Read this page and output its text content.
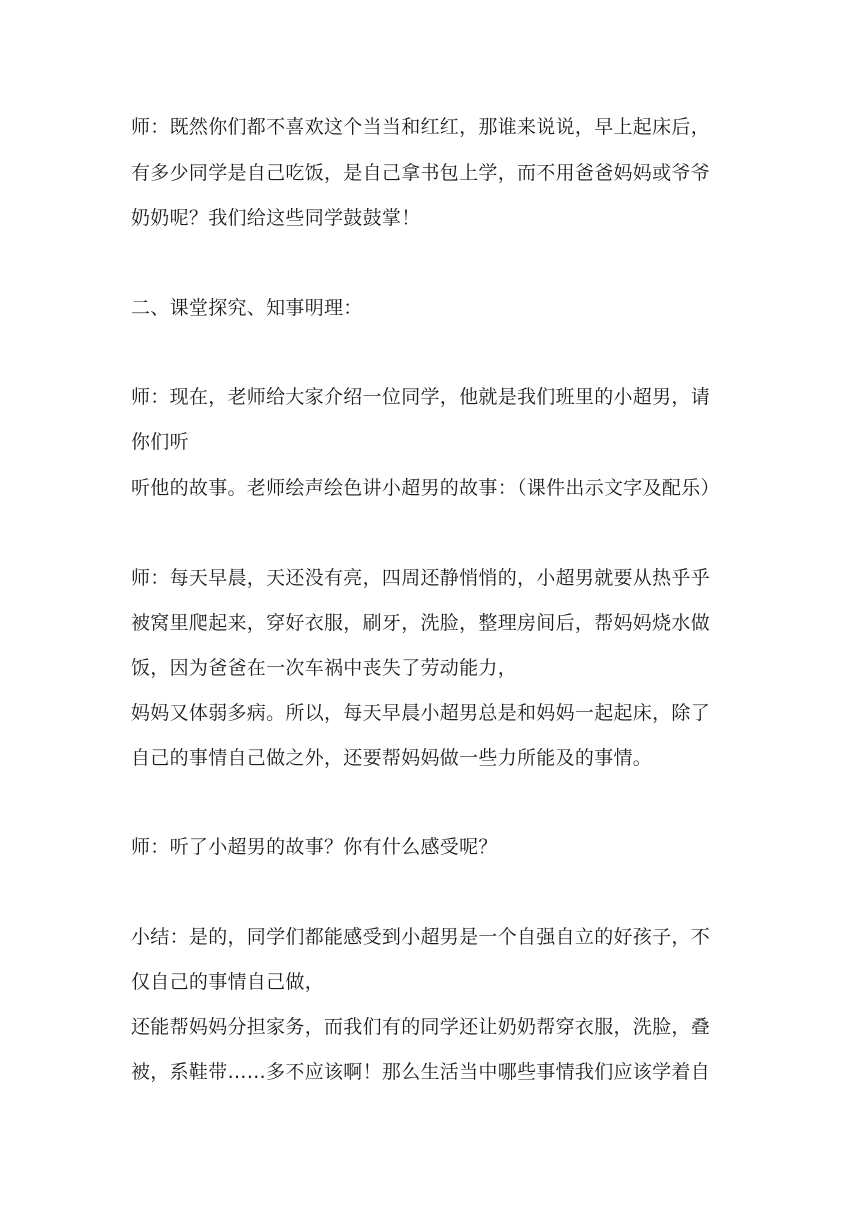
师：既然你们都不喜欢这个当当和红红，那谁来说说，早上起床后，
有多少同学是自己吃饭，是自己拿书包上学，而不用爸爸妈妈或爷爷
奶奶呢？我们给这些同学鼓鼓掌！
二、课堂探究、知事明理：
师：现在，老师给大家介绍一位同学，他就是我们班里的小超男，请
你们听
听他的故事。老师绘声绘色讲小超男的故事：（课件出示文字及配乐）
师：每天早晨，天还没有亮，四周还静悄悄的，小超男就要从热乎乎
被窝里爬起来，穿好衣服，刷牙，洗脸，整理房间后，帮妈妈烧水做
饭，因为爸爸在一次车祸中丧失了劳动能力，
妈妈又体弱多病。所以，每天早晨小超男总是和妈妈一起起床，除了
自己的事情自己做之外，还要帮妈妈做一些力所能及的事情。
师：听了小超男的故事？你有什么感受呢？
小结：是的，同学们都能感受到小超男是一个自强自立的好孩子，不
仅自己的事情自己做，
还能帮妈妈分担家务，而我们有的同学还让奶奶帮穿衣服，洗脸，叠
被，系鞋带……多不应该啊！那么生活当中哪些事情我们应该学着自
